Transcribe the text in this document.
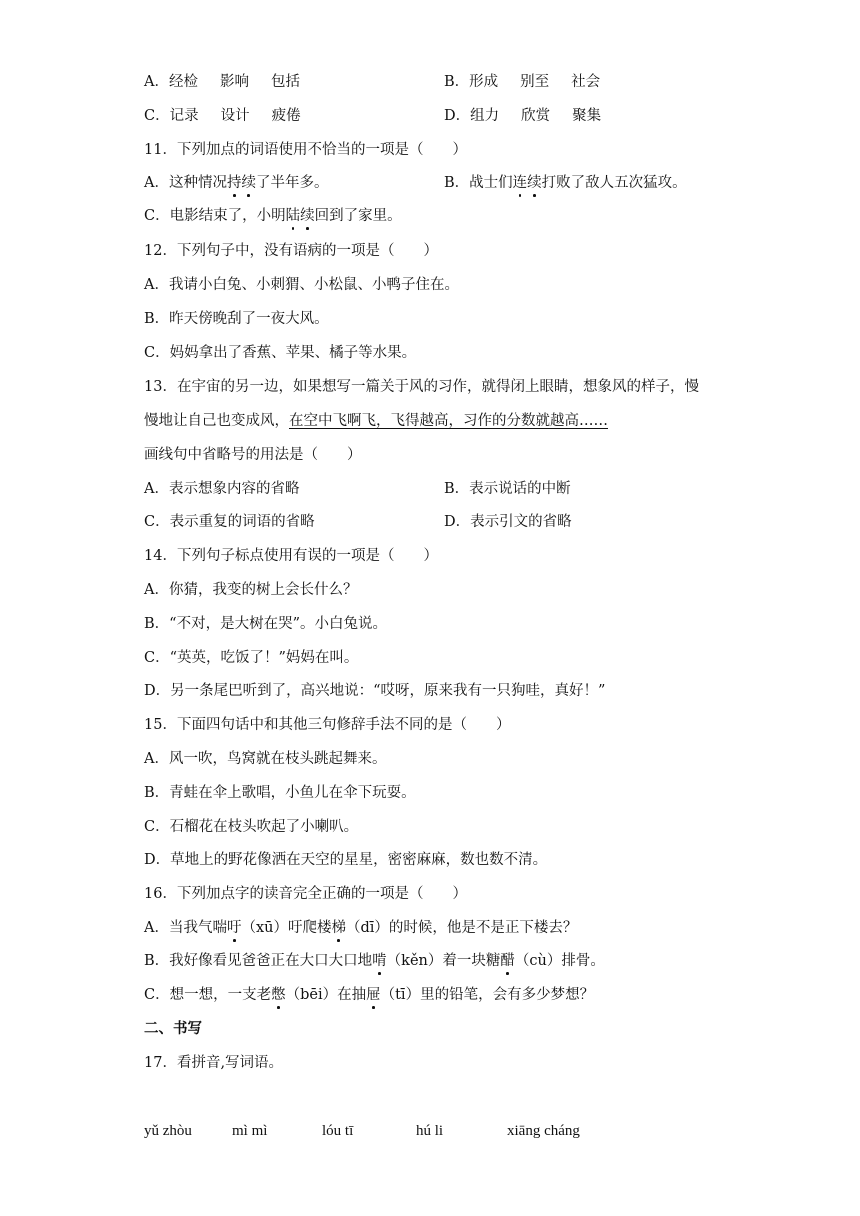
A．经检 影响 包括	B．形成 别至 社会
C．记录 设计 疲倦	D．组力 欣赏 聚集
11．下列加点的词语使用不恰当的一项是（　　）
A．这种情况持续了半年多。	B．战士们连续打败了敌人五次猛攻。
C．电影结束了，小明陆续回到了家里。
12．下列句子中，没有语病的一项是（　　）
A．我请小白兔、小刺猬、小松鼠、小鸭子住在。
B．昨天傍晚刮了一夜大风。
C．妈妈拿出了香蕉、苹果、橘子等水果。
13．在宇宙的另一边，如果想写一篇关于风的习作，就得闭上眼睛，想象风的样子，慢
慢地让自己也变成风，在空中飞啊飞，飞得越高，习作的分数就越高……
画线句中省略号的用法是（　　）
A．表示想象内容的省略	B．表示说话的中断
C．表示重复的词语的省略	D．表示引文的省略
14．下列句子标点使用有误的一项是（　　）
A．你猜，我变的树上会长什么？
B．“不对，是大树在哭”。小白兔说。
C．“英英，吃饭了！”妈妈在叫。
D．另一条尾巴听到了，高兴地说：“哎呀，原来我有一只狗哇，真好！”
15．下面四句话中和其他三句修辞手法不同的是（　　）
A．风一吹，鸟窝就在枝头跳起舞来。
B．青蛙在伞上歌唱，小鱼儿在伞下玩耍。
C．石榴花在枝头吹起了小喇叭。
D．草地上的野花像洒在天空的星星，密密麻麻，数也数不清。
16．下列加点字的读音完全正确的一项是（　　）
A．当我气喘吁（xū）吁爬楼梯（dī）的时候，他是不是正下楼去？
B．我好像看见爸爸正在大口大口地啃（kěn）着一块糖醋（cù）排骨。
C．想一想，一支老憋（bēi）在抽屉（tī）里的铅笔，会有多少梦想？
二、书写
17．看拼音,写词语。
yǔ zhòu	mì mì	lóu tī	hú li	xiāng cháng
